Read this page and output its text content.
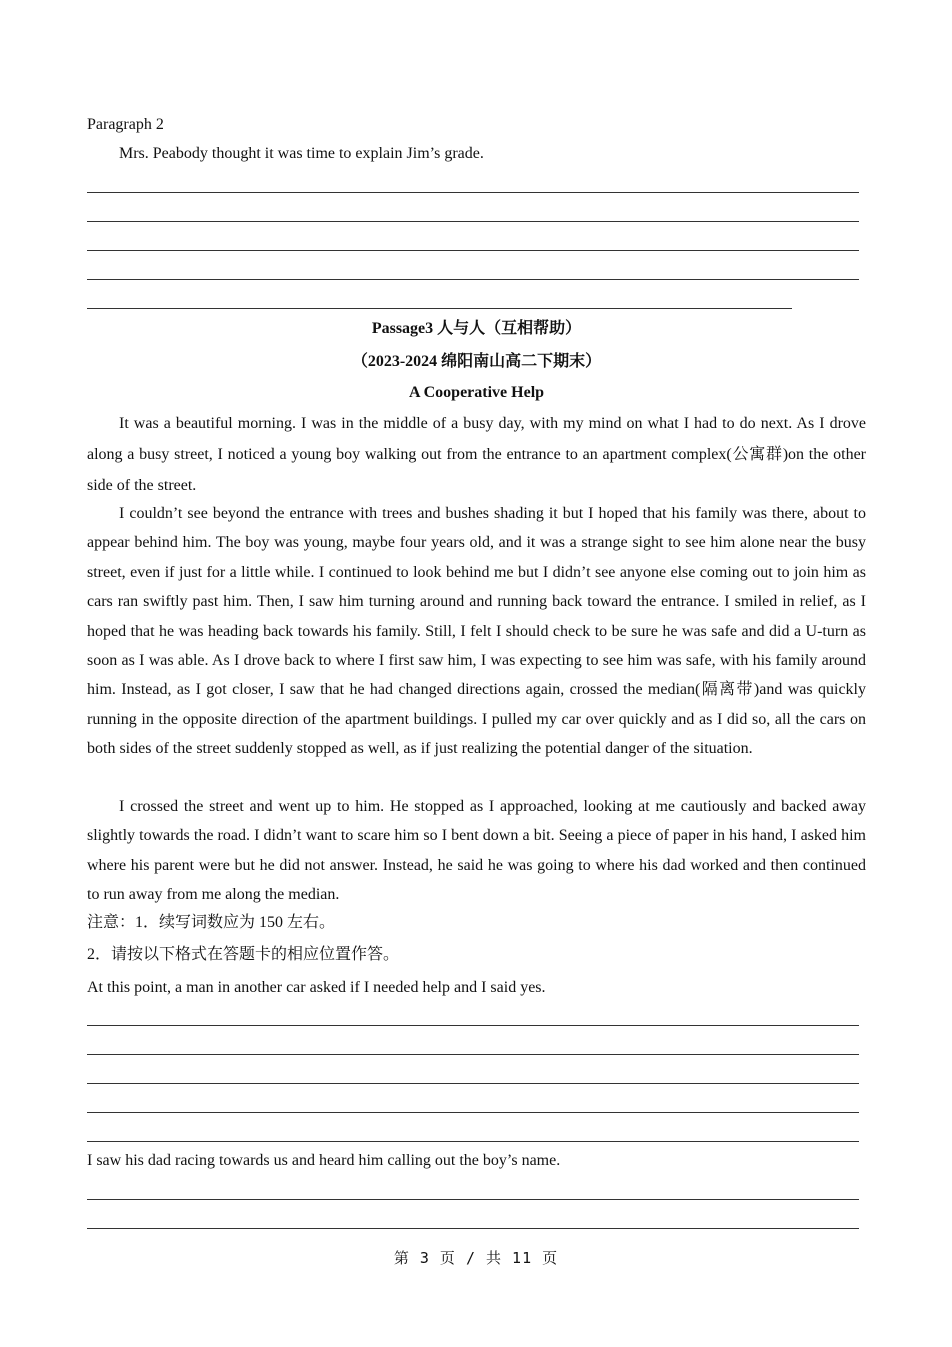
Paragraph 2
Mrs. Peabody thought it was time to explain Jim’s grade.
Passage3 人与人（互相帮助）
（2023-2024 绵阳南山高二下期末）
A Cooperative Help
It was a beautiful morning. I was in the middle of a busy day, with my mind on what I had to do next. As I drove along a busy street, I noticed a young boy walking out from the entrance to an apartment complex(公寓群)on the other side of the street.
I couldn’t see beyond the entrance with trees and bushes shading it but I hoped that his family was there, about to appear behind him. The boy was young, maybe four years old, and it was a strange sight to see him alone near the busy street, even if just for a little while. I continued to look behind me but I didn’t see anyone else coming out to join him as cars ran swiftly past him. Then, I saw him turning around and running back toward the entrance. I smiled in relief, as I hoped that he was heading back towards his family. Still, I felt I should check to be sure he was safe and did a U-turn as soon as I was able. As I drove back to where I first saw him, I was expecting to see him was safe, with his family around him. Instead, as I got closer, I saw that he had changed directions again, crossed the median(隔离带)and was quickly running in the opposite direction of the apartment buildings. I pulled my car over quickly and as I did so, all the cars on both sides of the street suddenly stopped as well, as if just realizing the potential danger of the situation.
I crossed the street and went up to him. He stopped as I approached, looking at me cautiously and backed away slightly towards the road. I didn’t want to scare him so I bent down a bit. Seeing a piece of paper in his hand, I asked him where his parent were but he did not answer. Instead, he said he was going to where his dad worked and then continued to run away from me along the median.
注意：1．续写词数应为 150 左右。
2．请按以下格式在答题卡的相应位置作答。
At this point, a man in another car asked if I needed help and I said yes.
I saw his dad racing towards us and heard him calling out the boy’s name.
第 3 页 / 共 11 页
